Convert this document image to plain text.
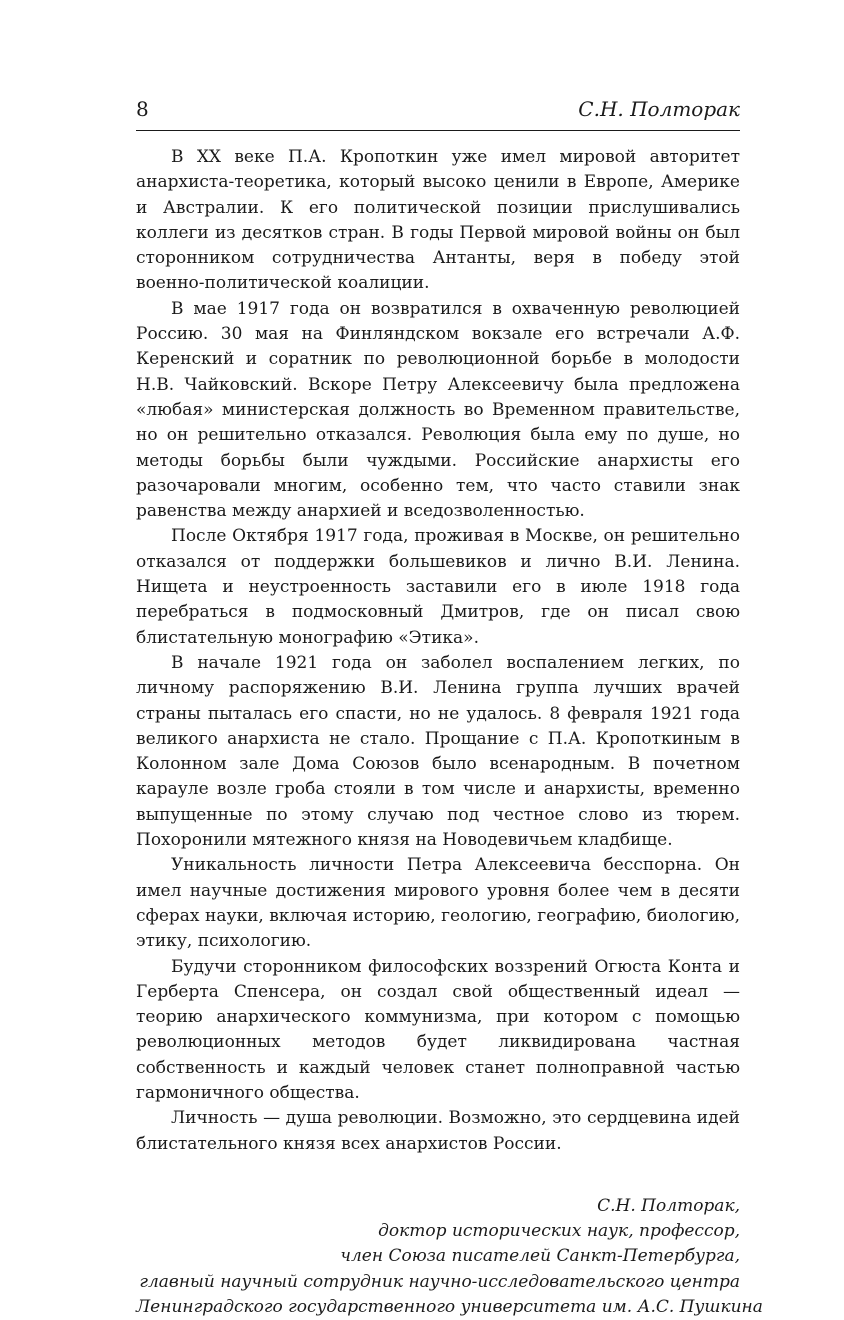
8	С.Н. Полторак

В XX веке П.А. Кропоткин уже имел мировой авторитет анархиста-теоретика, который высоко ценили в Европе, Америке и Австралии. К его политической позиции прислушивались коллеги из десятков стран. В годы Первой мировой войны он был сторонником сотрудничества Антанты, веря в победу этой военно-политической коалиции.

В мае 1917 года он возвратился в охваченную революцией Россию. 30 мая на Финляндском вокзале его встречали А.Ф. Керенский и соратник по революционной борьбе в молодости Н.В. Чайковский. Вскоре Петру Алексеевичу была предложена «любая» министерская должность во Временном правительстве, но он решительно отказался. Революция была ему по душе, но методы борьбы были чуждыми. Российские анархисты его разочаровали многим, особенно тем, что часто ставили знак равенства между анархией и вседозволенностью.

После Октября 1917 года, проживая в Москве, он решительно отказался от поддержки большевиков и лично В.И. Ленина. Нищета и неустроенность заставили его в июле 1918 года перебраться в подмосковный Дмитров, где он писал свою блистательную монографию «Этика».

В начале 1921 года он заболел воспалением легких, по личному распоряжению В.И. Ленина группа лучших врачей страны пыталась его спасти, но не удалось. 8 февраля 1921 года великого анархиста не стало. Прощание с П.А. Кропоткиным в Колонном зале Дома Союзов было всенародным. В почетном карауле возле гроба стояли в том числе и анархисты, временно выпущенные по этому случаю под честное слово из тюрем. Похоронили мятежного князя на Новодевичьем кладбище.

Уникальность личности Петра Алексеевича бесспорна. Он имел научные достижения мирового уровня более чем в десяти сферах науки, включая историю, геологию, географию, биологию, этику, психологию.

Будучи сторонником философских воззрений Огюста Конта и Герберта Спенсера, он создал свой общественный идеал — теорию анархического коммунизма, при котором с помощью революционных методов будет ликвидирована частная собственность и каждый человек станет полноправной частью гармоничного общества.

Личность — душа революции. Возможно, это сердцевина идей блистательного князя всех анархистов России.

С.Н. Полторак,
доктор исторических наук, профессор,
член Союза писателей Санкт-Петербурга,
главный научный сотрудник научно-исследовательского центра
Ленинградского государственного университета им. А.С. Пушкина
